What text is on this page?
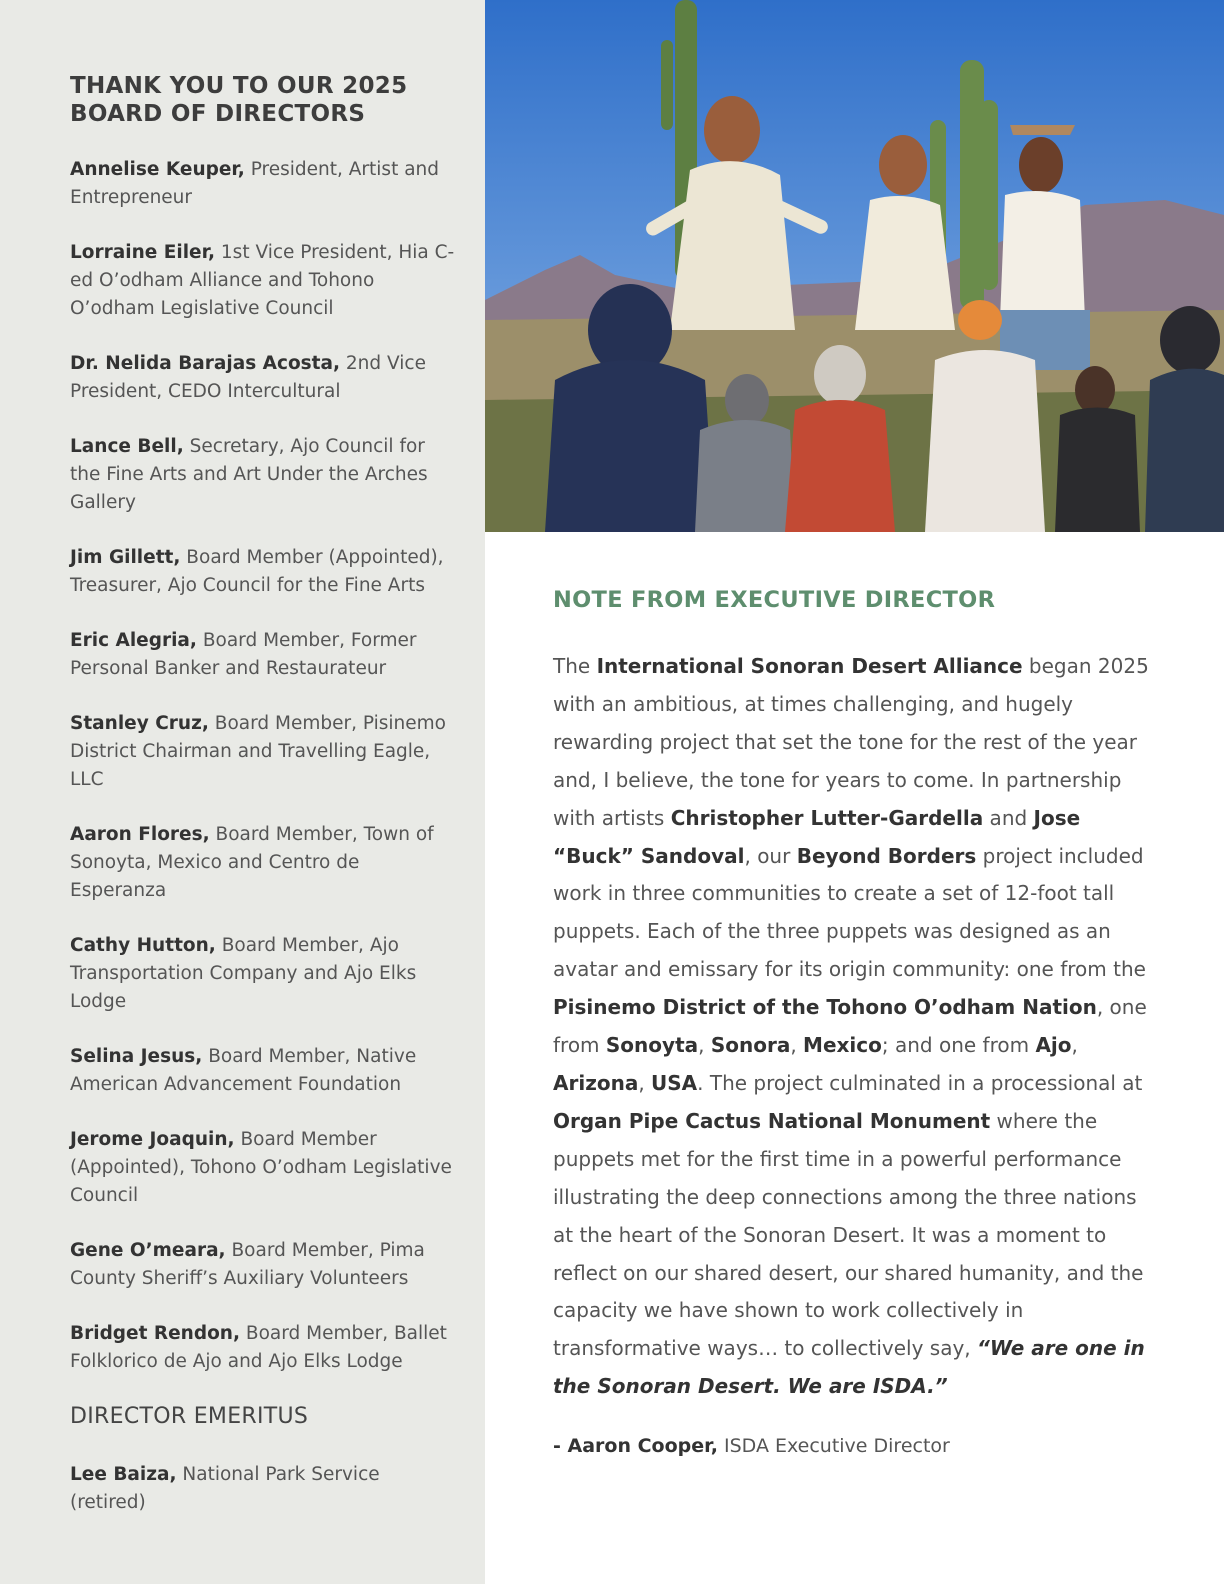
THANK YOU TO OUR 2025
BOARD OF DIRECTORS

Annelise Keuper, President, Artist and Entrepreneur

Lorraine Eiler, 1st Vice President, Hia C-ed O’odham Alliance and Tohono O’odham Legislative Council

Dr. Nelida Barajas Acosta, 2nd Vice President, CEDO Intercultural

Lance Bell, Secretary, Ajo Council for the Fine Arts and Art Under the Arches Gallery

Jim Gillett, Board Member (Appointed), Treasurer, Ajo Council for the Fine Arts

Eric Alegria, Board Member, Former Personal Banker and Restaurateur

Stanley Cruz, Board Member, Pisinemo District Chairman and Travelling Eagle, LLC

Aaron Flores, Board Member, Town of Sonoyta, Mexico and Centro de Esperanza

Cathy Hutton, Board Member, Ajo Transportation Company and Ajo Elks Lodge

Selina Jesus, Board Member, Native American Advancement Foundation

Jerome Joaquin, Board Member (Appointed), Tohono O’odham Legislative Council

Gene O’meara, Board Member, Pima County Sheriff’s Auxiliary Volunteers

Bridget Rendon, Board Member, Ballet Folklorico de Ajo and Ajo Elks Lodge

DIRECTOR EMERITUS

Lee Baiza, National Park Service (retired)

NOTE FROM EXECUTIVE DIRECTOR

The International Sonoran Desert Alliance began 2025 with an ambitious, at times challenging, and hugely rewarding project that set the tone for the rest of the year and, I believe, the tone for years to come. In partnership with artists Christopher Lutter-Gardella and Jose “Buck” Sandoval, our Beyond Borders project included work in three communities to create a set of 12-foot tall puppets. Each of the three puppets was designed as an avatar and emissary for its origin community: one from the Pisinemo District of the Tohono O’odham Nation, one from Sonoyta, Sonora, Mexico; and one from Ajo, Arizona, USA. The project culminated in a processional at Organ Pipe Cactus National Monument where the puppets met for the first time in a powerful performance illustrating the deep connections among the three nations at the heart of the Sonoran Desert. It was a moment to reflect on our shared desert, our shared humanity, and the capacity we have shown to work collectively in transformative ways… to collectively say, “We are one in the Sonoran Desert. We are ISDA.”

- Aaron Cooper, ISDA Executive Director
